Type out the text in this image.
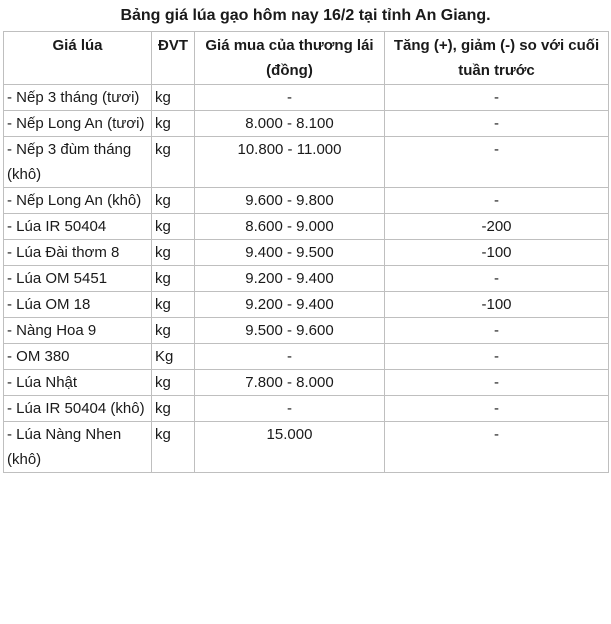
Bảng giá lúa gạo hôm nay 16/2 tại tỉnh An Giang.
Giá lúa	ĐVT	Giá mua của thương lái (đồng)	Tăng (+), giảm (-) so với cuối tuần trước
- Nếp 3 tháng (tươi)	kg	-	-
- Nếp Long An (tươi)	kg	8.000 - 8.100	-
- Nếp 3 đùm tháng (khô)	kg	10.800 - 11.000	-
- Nếp Long An (khô)	kg	9.600 - 9.800	-
- Lúa IR 50404	kg	8.600 - 9.000	-200
- Lúa Đài thơm 8	kg	9.400 - 9.500	-100
- Lúa OM 5451	kg	9.200 - 9.400	-
- Lúa OM 18	kg	9.200 - 9.400	-100
- Nàng Hoa 9	kg	9.500 - 9.600	-
- OM 380	Kg	-	-
- Lúa Nhật	kg	7.800 - 8.000	-
- Lúa IR 50404 (khô)	kg	-	-
- Lúa Nàng Nhen (khô)	kg	15.000	-
